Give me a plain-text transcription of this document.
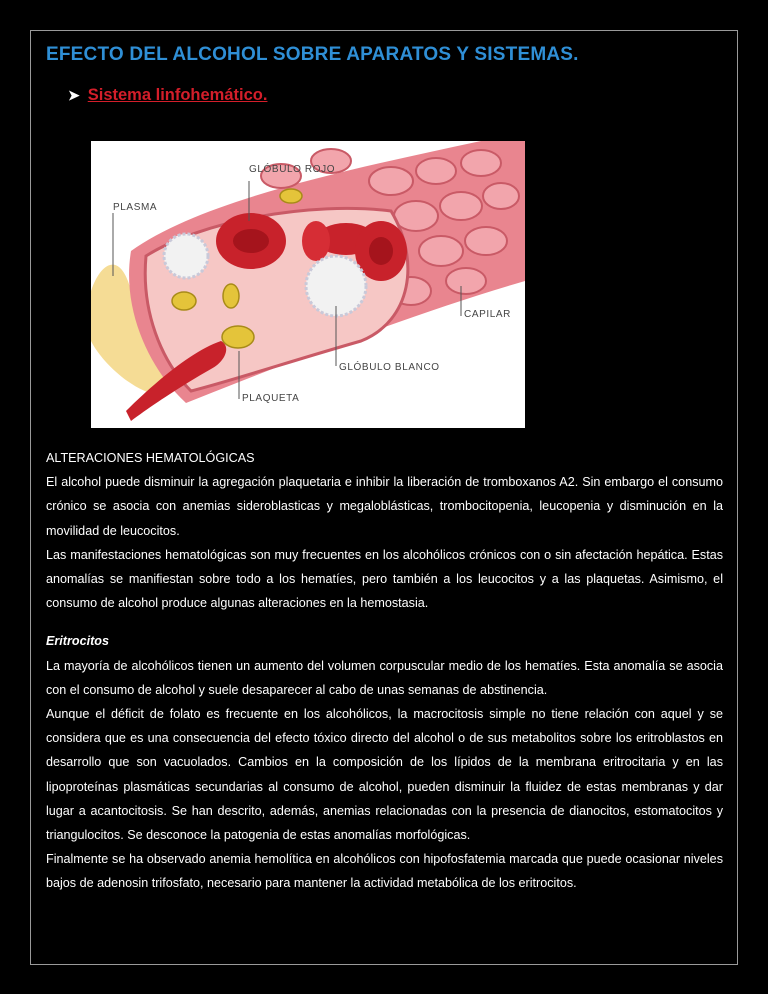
EFECTO DEL ALCOHOL SOBRE APARATOS Y SISTEMAS.
➤ Sistema linfohemático.
GLÓBULO ROJO
PLASMA
CAPILAR
GLÓBULO BLANCO
PLAQUETA

ALTERACIONES HEMATOLÓGICAS

El alcohol puede disminuir la agregación plaquetaria e inhibir la liberación de tromboxanos A2. Sin embargo el consumo crónico se asocia con anemias sideroblasticas y megaloblásticas, trombocitopenia, leucopenia y disminución en la movilidad de leucocitos.

Las manifestaciones hematológicas son muy frecuentes en los alcohólicos crónicos con o sin afectación hepática. Estas anomalías se manifiestan sobre todo a los hematíes, pero también a los leucocitos y a las plaquetas. Asimismo, el consumo de alcohol produce algunas alteraciones en la hemostasia.

Eritrocitos

La mayoría de alcohólicos tienen un aumento del volumen corpuscular medio de los hematíes. Esta anomalía se asocia con el consumo de alcohol y suele desaparecer al cabo de unas semanas de abstinencia.

Aunque el déficit de folato es frecuente en los alcohólicos, la macrocitosis simple no tiene relación con aquel y se considera que es una consecuencia del efecto tóxico directo del alcohol o de sus metabolitos sobre los eritroblastos en desarrollo que son vacuolados. Cambios en la composición de los lípidos de la membrana eritrocitaria y en las lipoproteínas plasmáticas secundarias al consumo de alcohol, pueden disminuir la fluidez de estas membranas y dar lugar a acantocitosis. Se han descrito, además, anemias relacionadas con la presencia de dianocitos, estomatocitos y triangulocitos. Se desconoce la patogenia de estas anomalías morfológicas.

Finalmente se ha observado anemia hemolítica en alcohólicos con hipofosfatemia marcada que puede ocasionar niveles bajos de adenosin trifosfato, necesario para mantener la actividad metabólica de los eritrocitos.
